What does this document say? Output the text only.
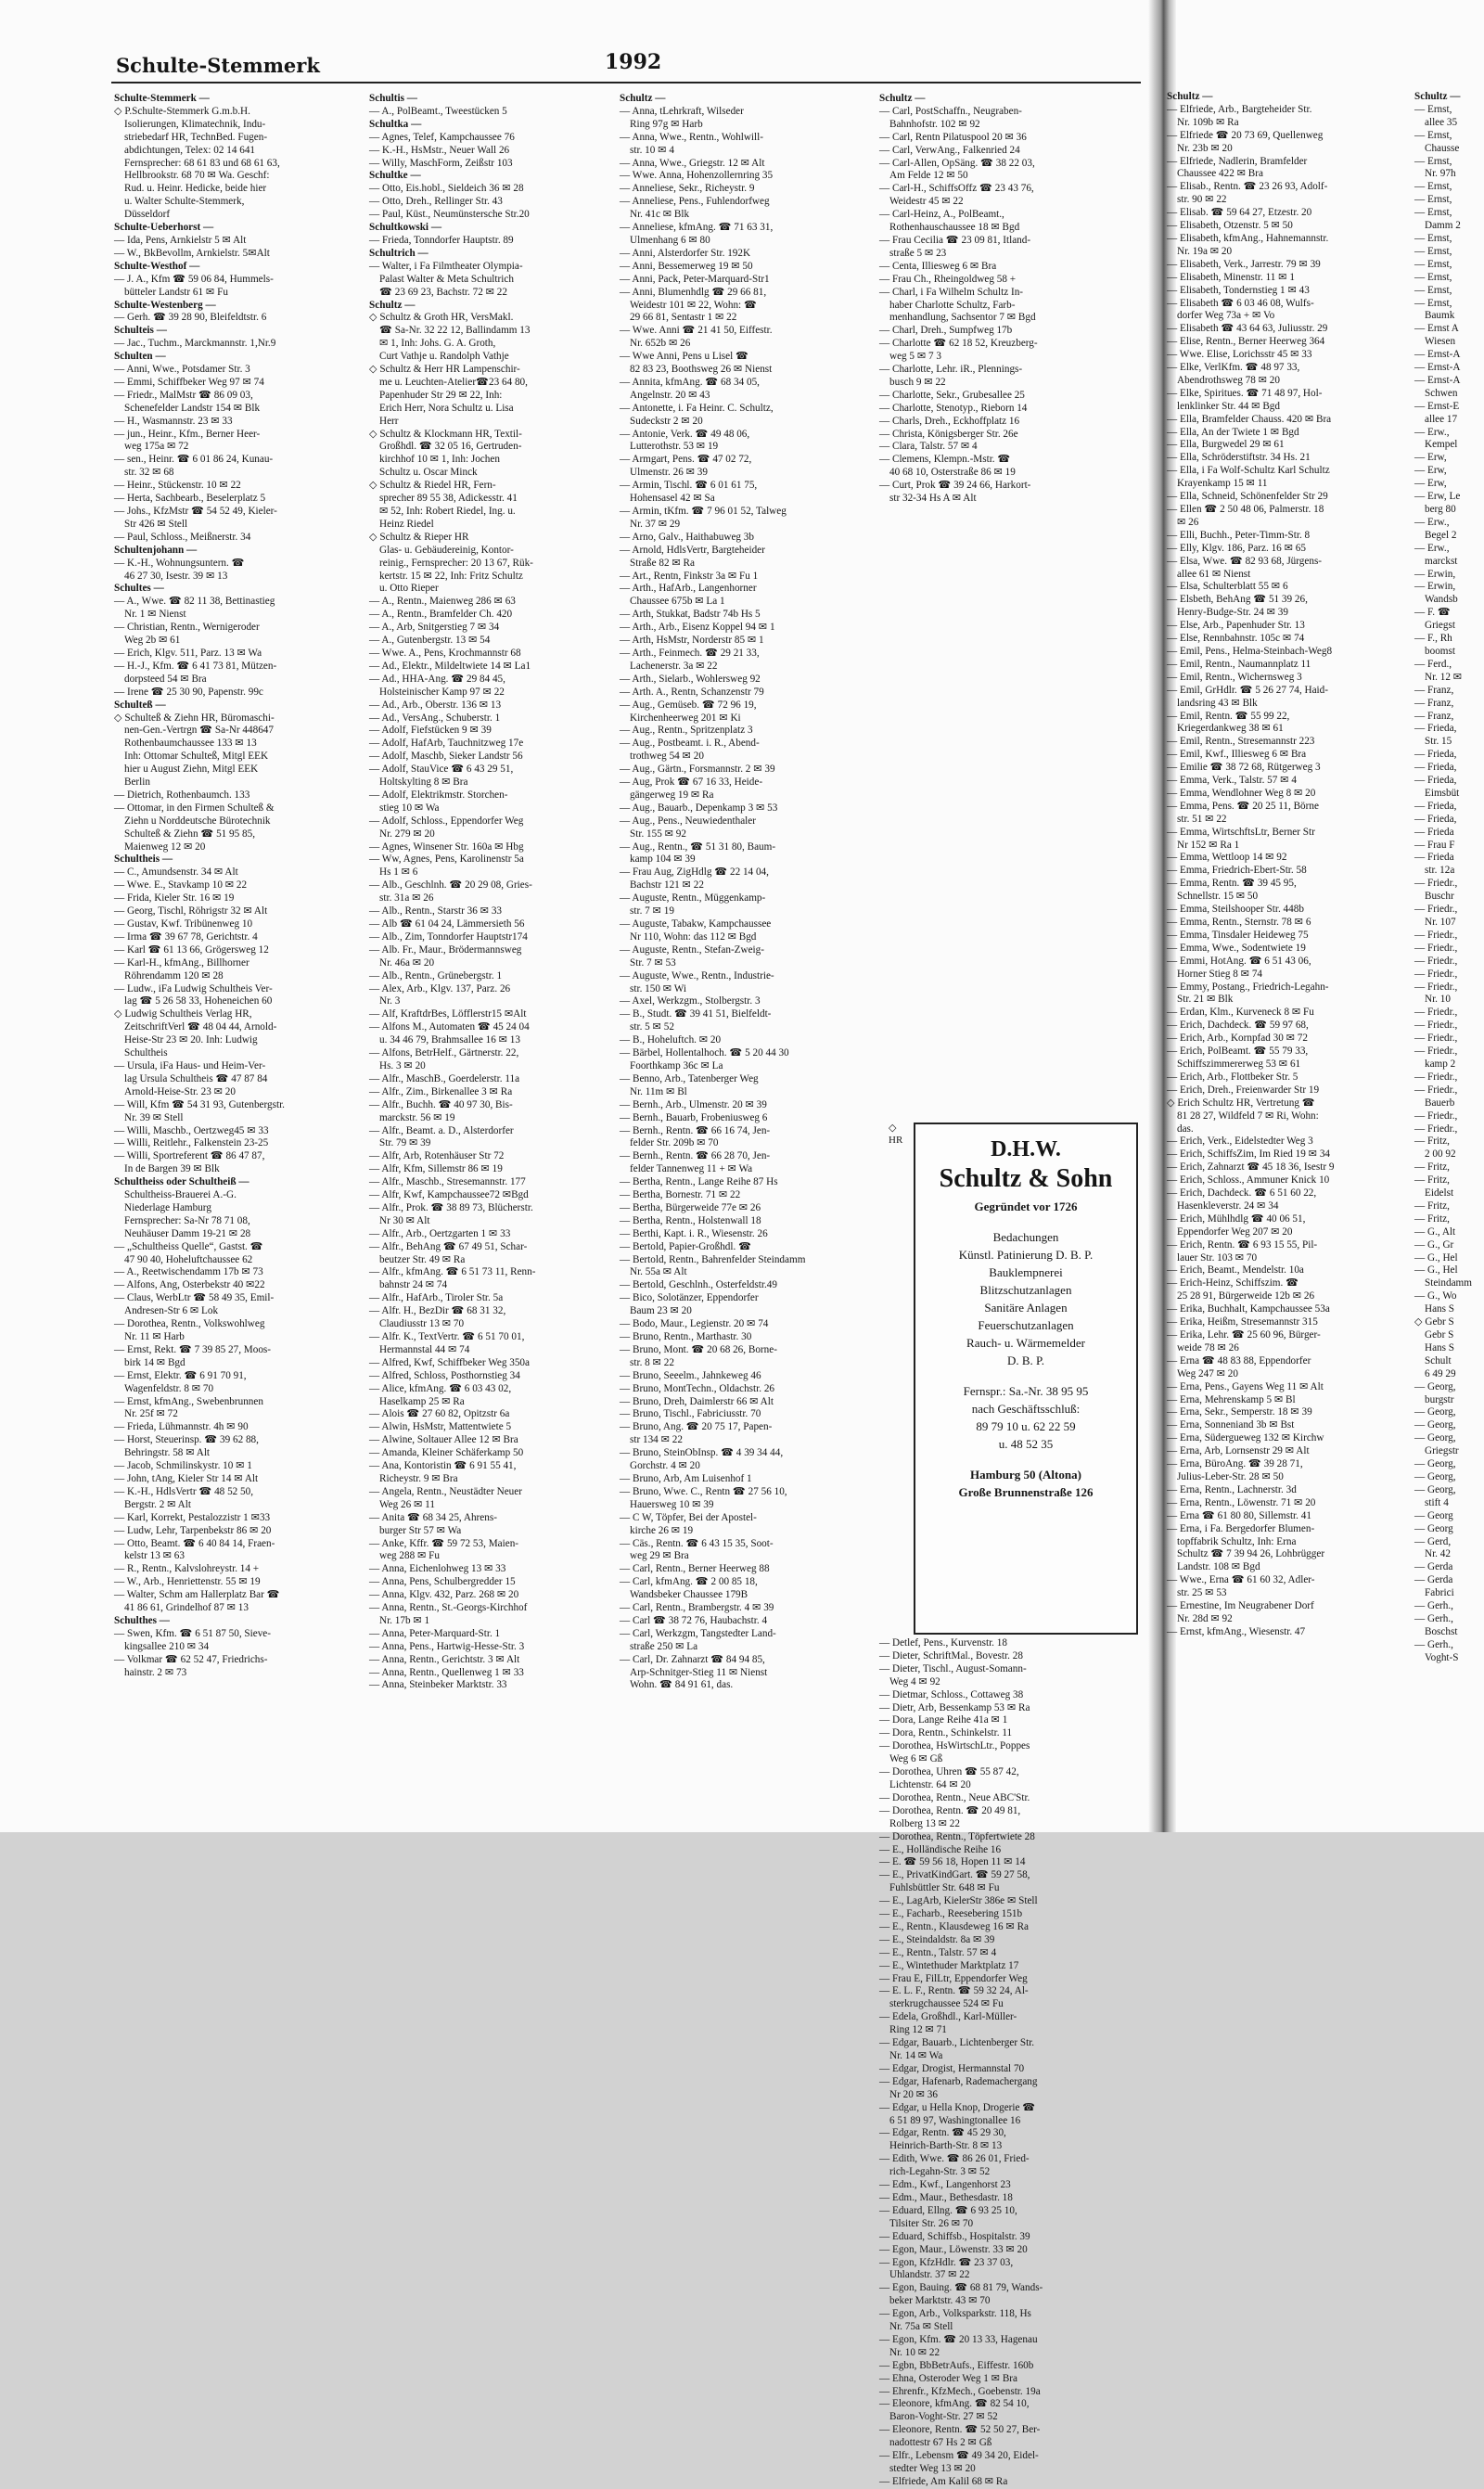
Schulte-Stemmerk	1992
Schulte-Stemmerk —
◇ P.Schulte-Stemmerk G.m.b.H.
Isolierungen, Klimatechnik, Indu-
striebedarf HR, TechnBed. Fugen-
abdichtungen, Telex: 02 14 641
Fernsprecher: 68 61 83 und 68 61 63,
Hellbrookstr. 68 70 ✉ Wa. Geschf:
Rud. u. Heinr. Hedicke, beide hier
u. Walter Schulte-Stemmerk,
Düsseldorf
Schulte-Ueberhorst —
— Ida, Pens, Arnkielstr 5 ✉ Alt
— W., BkBevollm, Arnkielstr. 5✉Alt
Schulte-Westhof —
— J. A., Kfm ☎ 59 06 84, Hummels-
bütteler Landstr 61 ✉ Fu
Schulte-Westenberg —
— Gerh. ☎ 39 28 90, Bleifeldtstr. 6
Schulteis —
— Jac., Tuchm., Marckmannstr. 1,Nr.9
Schulten —
— Anni, Wwe., Potsdamer Str. 3
— Emmi, Schiffbeker Weg 97 ✉ 74
— Friedr., MalMstr ☎ 86 09 03,
Schenefelder Landstr 154 ✉ Blk
— H., Wasmannstr. 23 ✉ 33
— jun., Heinr., Kfm., Berner Heer-
weg 175a ✉ 72
— sen., Heinr. ☎ 6 01 86 24, Kunau-
str. 32 ✉ 68
— Heinr., Stückenstr. 10 ✉ 22
— Herta, Sachbearb., Beselerplatz 5
— Johs., KfzMstr ☎ 54 52 49, Kieler-
Str 426 ✉ Stell
— Paul, Schloss., Meißnerstr. 34
Schultenjohann —
— K.-H., Wohnungsuntern. ☎
46 27 30, Isestr. 39 ✉ 13
Schultes —
— A., Wwe. ☎ 82 11 38, Bettinastieg
Nr. 1 ✉ Nienst
— Christian, Rentn., Wernigeroder
Weg 2b ✉ 61
— Erich, Klgv. 511, Parz. 13 ✉ Wa
— H.-J., Kfm. ☎ 6 41 73 81, Mützen-
dorpsteed 54 ✉ Bra
— Irene ☎ 25 30 90, Papenstr. 99c
Schulteß —
◇ Schulteß & Ziehn HR, Büromaschi-
nen-Gen.-Vertrgn ☎ Sa-Nr 448647
Rothenbaumchaussee 133 ✉ 13
Inh: Ottomar Schulteß, Mitgl EEK
hier u August Ziehn, Mitgl EEK
Berlin
— Dietrich, Rothenbaumch. 133
— Ottomar, in den Firmen Schulteß &
Ziehn u Norddeutsche Bürotechnik
Schulteß & Ziehn ☎ 51 95 85,
Maienweg 12 ✉ 20
Schultheis —
— C., Amundsenstr. 34 ✉ Alt
— Wwe. E., Stavkamp 10 ✉ 22
— Frida, Kieler Str. 16 ✉ 19
— Georg, Tischl, Röhrigstr 32 ✉ Alt
— Gustav, Kwf. Tribünenweg 10
— Irma ☎ 39 67 78, Gerichtstr. 4
— Karl ☎ 61 13 66, Grögersweg 12
— Karl-H., kfmAng., Billhorner
Röhrendamm 120 ✉ 28
— Ludw., iFa Ludwig Schultheis Ver-
lag ☎ 5 26 58 33, Hoheneichen 60
◇ Ludwig Schultheis Verlag HR,
ZeitschriftVerl ☎ 48 04 44, Arnold-
Heise-Str 23 ✉ 20. Inh: Ludwig
Schultheis
— Ursula, iFa Haus- und Heim-Ver-
lag Ursula Schultheis ☎ 47 87 84
Arnold-Heise-Str. 23 ✉ 20
— Will, Kfm ☎ 54 31 93, Gutenbergstr.
Nr. 39 ✉ Stell
— Willi, Maschb., Oertzweg45 ✉ 33
— Willi, Reitlehr., Falkenstein 23-25
— Willi, Sportreferent ☎ 86 47 87,
In de Bargen 39 ✉ Blk
Schultheiss oder Schultheiß —
Schultheiss-Brauerei A.-G.
Niederlage Hamburg
Fernsprecher: Sa-Nr 78 71 08,
Neuhäuser Damm 19-21 ✉ 28
— „Schultheiss Quelle“, Gastst. ☎
47 90 40, Hoheluftchaussee 62
— A., Reetwischendamm 17b ✉ 73
— Alfons, Ang, Osterbekstr 40 ✉22
— Claus, WerbLtr ☎ 58 49 35, Emil-
Andresen-Str 6 ✉ Lok
— Dorothea, Rentn., Volkswohlweg
Nr. 11 ✉ Harb
— Ernst, Rekt. ☎ 7 39 85 27, Moos-
birk 14 ✉ Bgd
— Ernst, Elektr. ☎ 6 91 70 91,
Wagenfeldstr. 8 ✉ 70
— Ernst, kfmAng., Swebenbrunnen
Nr. 25f ✉ 72
— Frieda, Lühmannstr. 4h ✉ 90
— Horst, Steuerinsp. ☎ 39 62 88,
Behringstr. 58 ✉ Alt
— Jacob, Schmilinskystr. 10 ✉ 1
— John, tAng, Kieler Str 14 ✉ Alt
— K.-H., HdlsVertr ☎ 48 52 50,
Bergstr. 2 ✉ Alt
— Karl, Korrekt, Pestalozzistr 1 ✉33
— Ludw, Lehr, Tarpenbekstr 86 ✉ 20
— Otto, Beamt. ☎ 6 40 84 14, Fraen-
kelstr 13 ✉ 63
— R., Rentn., Kalvslohreystr. 14 +
— W., Arb., Henriettenstr. 55 ✉ 19
— Walter, Schm am Hallerplatz Bar ☎
41 86 61, Grindelhof 87 ✉ 13
Schulthes —
— Swen, Kfm. ☎ 6 51 87 50, Sieve-
kingsallee 210 ✉ 34
— Volkmar ☎ 62 52 47, Friedrichs-
hainstr. 2 ✉ 73
Schultis —
— A., PolBeamt., Tweestücken 5
Schultka —
— Agnes, Telef, Kampchaussee 76
— K.-H., HsMstr., Neuer Wall 26
— Willy, MaschForm, Zeißstr 103
Schultke —
— Otto, Eis.hobl., Sieldeich 36 ✉ 28
— Otto, Dreh., Rellinger Str. 43
— Paul, Küst., Neumünstersche Str.20
Schultkowski —
— Frieda, Tonndorfer Hauptstr. 89
Schultrich —
— Walter, i Fa Filmtheater Olympia-
Palast Walter & Meta Schultrich
☎ 23 69 23, Bachstr. 72 ✉ 22
Schultz —
◇ Schultz & Groth HR, VersMakl.
☎ Sa-Nr. 32 22 12, Ballindamm 13
✉ 1, Inh: Johs. G. A. Groth,
Curt Vathje u. Randolph Vathje
◇ Schultz & Herr HR Lampenschir-
me u. Leuchten-Atelier☎23 64 80,
Papenhuder Str 29 ✉ 22, Inh:
Erich Herr, Nora Schultz u. Lisa
Herr
◇ Schultz & Klockmann HR, Textil-
Großhdl. ☎ 32 05 16, Gertruden-
kirchhof 10 ✉ 1, Inh: Jochen
Schultz u. Oscar Minck
◇ Schultz & Riedel HR, Fern-
sprecher 89 55 38, Adickesstr. 41
✉ 52, Inh: Robert Riedel, Ing. u.
Heinz Riedel
◇ Schultz & Rieper HR
Glas- u. Gebäudereinig, Kontor-
reinig., Fernsprecher: 20 13 67, Rük-
kertstr. 15 ✉ 22, Inh: Fritz Schultz
u. Otto Rieper
— A., Rentn., Maienweg 286 ✉ 63
— A., Rentn., Bramfelder Ch. 420
— A., Arb, Snitgerstieg 7 ✉ 34
— A., Gutenbergstr. 13 ✉ 54
— Wwe. A., Pens, Krochmannstr 68
— Ad., Elektr., Mildeltwiete 14 ✉ La1
— Ad., HHA-Ang. ☎ 29 84 45,
Holsteinischer Kamp 97 ✉ 22
— Ad., Arb., Oberstr. 136 ✉ 13
— Ad., VersAng., Schuberstr. 1
— Adolf, Fiefstücken 9 ✉ 39
— Adolf, HafArb, Tauchnitzweg 17e
— Adolf, Maschb, Sieker Landstr 56
— Adolf, StauVice ☎ 6 43 29 51,
Holtskylting 8 ✉ Bra
— Adolf, Elektrikmstr. Storchen-
stieg 10 ✉ Wa
— Adolf, Schloss., Eppendorfer Weg
Nr. 279 ✉ 20
— Agnes, Winsener Str. 160a ✉ Hbg
— Ww, Agnes, Pens, Karolinenstr 5a
Hs 1 ✉ 6
— Alb., Geschlnh. ☎ 20 29 08, Gries-
str. 31a ✉ 26
— Alb., Rentn., Starstr 36 ✉ 33
— Alb ☎ 61 04 24, Lämmersieth 56
— Alb., Zim, Tonndorfer Hauptstr174
— Alb. Fr., Maur., Brödermannsweg
Nr. 46a ✉ 20
— Alb., Rentn., Grünebergstr. 1
— Alex, Arb., Klgv. 137, Parz. 26
Nr. 3
— Alf, KraftdrBes, Löfflerstr15 ✉Alt
— Alfons M., Automaten ☎ 45 24 04
u. 34 46 79, Brahmsallee 16 ✉ 13
— Alfons, BetrHelf., Gärtnerstr. 22,
Hs. 3 ✉ 20
— Alfr., MaschB., Goerdelerstr. 11a
— Alfr., Zim., Birkenallee 3 ✉ Ra
— Alfr., Buchh. ☎ 40 97 30, Bis-
marckstr. 56 ✉ 19
— Alfr., Beamt. a. D., Alsterdorfer
Str. 79 ✉ 39
— Alfr, Arb, Rotenhäuser Str 72
— Alfr, Kfm, Sillemstr 86 ✉ 19
— Alfr., Maschb., Stresemannstr. 177
— Alfr, Kwf, Kampchaussee72 ✉Bgd
— Alfr., Prok. ☎ 38 89 73, Blücherstr.
Nr 30 ✉ Alt
— Alfr., Arb., Oertzgarten 1 ✉ 33
— Alfr., BehAng ☎ 67 49 51, Schar-
beutzer Str. 49 ✉ Ra
— Alfr., kfmAng. ☎ 6 51 73 11, Renn-
bahnstr 24 ✉ 74
— Alfr., HafArb., Tiroler Str. 5a
— Alfr. H., BezDir ☎ 68 31 32,
Claudiusstr 13 ✉ 70
— Alfr. K., TextVertr. ☎ 6 51 70 01,
Hermannstal 44 ✉ 74
— Alfred, Kwf, Schiffbeker Weg 350a
— Alfred, Schloss, Posthornstieg 34
— Alice, kfmAng. ☎ 6 03 43 02,
Haselkamp 25 ✉ Ra
— Alois ☎ 27 60 82, Opitzstr 6a
— Alwin, HsMstr, Mattentwiete 5
— Alwine, Soltauer Allee 12 ✉ Bra
— Amanda, Kleiner Schäferkamp 50
— Ana, Kontoristin ☎ 6 91 55 41,
Richeystr. 9 ✉ Bra
— Angela, Rentn., Neustädter Neuer
Weg 26 ✉ 11
— Anita ☎ 68 34 25, Ahrens-
burger Str 57 ✉ Wa
— Anke, Kffr. ☎ 59 72 53, Maien-
weg 288 ✉ Fu
— Anna, Eichenlohweg 13 ✉ 33
— Anna, Pens, Schulbergredder 15
— Anna, Klgv. 432, Parz. 268 ✉ 20
— Anna, Rentn., St.-Georgs-Kirchhof
Nr. 17b ✉ 1
— Anna, Peter-Marquard-Str. 1
— Anna, Pens., Hartwig-Hesse-Str. 3
— Anna, Rentn., Gerichtstr. 3 ✉ Alt
— Anna, Rentn., Quellenweg 1 ✉ 33
— Anna, Steinbeker Marktstr. 33
Schultz —
— Anna, tLehrkraft, Wilseder
Ring 97g ✉ Harb
— Anna, Wwe., Rentn., Wohlwill-
str. 10 ✉ 4
— Anna, Wwe., Griegstr. 12 ✉ Alt
— Wwe. Anna, Hohenzollernring 35
— Anneliese, Sekr., Richeystr. 9
— Anneliese, Pens., Fuhlendorfweg
Nr. 41c ✉ Blk
— Anneliese, kfmAng. ☎ 71 63 31,
Ulmenhang 6 ✉ 80
— Anni, Alsterdorfer Str. 192K
— Anni, Bessemerweg 19 ✉ 50
— Anni, Pack, Peter-Marquard-Str1
— Anni, Blumenhdlg ☎ 29 66 81,
Weidestr 101 ✉ 22, Wohn: ☎
29 66 81, Sentastr 1 ✉ 22
— Wwe. Anni ☎ 21 41 50, Eiffestr.
Nr. 652b ✉ 26
— Wwe Anni, Pens u Lisel ☎
82 83 23, Boothsweg 26 ✉ Nienst
— Annita, kfmAng. ☎ 68 34 05,
Angelnstr. 20 ✉ 43
— Antonette, i. Fa Heinr. C. Schultz,
Sudeckstr 2 ✉ 20
— Antonie, Verk. ☎ 49 48 06,
Lutterothstr. 53 ✉ 19
— Armgart, Pens. ☎ 47 02 72,
Ulmenstr. 26 ✉ 39
— Armin, Tischl. ☎ 6 01 61 75,
Hohensasel 42 ✉ Sa
— Armin, tKfm. ☎ 7 96 01 52, Talweg
Nr. 37 ✉ 29
— Arno, Galv., Haithabuweg 3b
— Arnold, HdlsVertr, Bargteheider
Straße 82 ✉ Ra
— Art., Rentn, Finkstr 3a ✉ Fu 1
— Arth., HafArb., Langenhorner
Chaussee 675b ✉ La 1
— Arth, Stukkat, Badstr 74b Hs 5
— Arth., Arb., Eisenz Koppel 94 ✉ 1
— Arth, HsMstr, Norderstr 85 ✉ 1
— Arth., Feinmech. ☎ 29 21 33,
Lachenerstr. 3a ✉ 22
— Arth., Sielarb., Wohlersweg 92
— Arth. A., Rentn, Schanzenstr 79
— Aug., Gemüseb. ☎ 72 96 19,
Kirchenheerweg 201 ✉ Ki
— Aug., Rentn., Spritzenplatz 3
— Aug., Postbeamt. i. R., Abend-
trothweg 54 ✉ 20
— Aug., Gärtn., Forsmannstr. 2 ✉ 39
— Aug, Prok ☎ 67 16 33, Heide-
gängerweg 19 ✉ Ra
— Aug., Bauarb., Depenkamp 3 ✉ 53
— Aug., Pens., Neuwiedenthaler
Str. 155 ✉ 92
— Aug., Rentn., ☎ 51 31 80, Baum-
kamp 104 ✉ 39
— Frau Aug, ZigHdlg ☎ 22 14 04,
Bachstr 121 ✉ 22
— Auguste, Rentn., Müggenkamp-
str. 7 ✉ 19
— Auguste, Tabakw, Kampchaussee
Nr 110, Wohn: das 112 ✉ Bgd
— Auguste, Rentn., Stefan-Zweig-
Str. 7 ✉ 53
— Auguste, Wwe., Rentn., Industrie-
str. 150 ✉ Wi
— Axel, Werkzgm., Stolbergstr. 3
— B., Studt. ☎ 39 41 51, Bielfeldt-
str. 5 ✉ 52
— B., Hoheluftch. ✉ 20
— Bärbel, Hollentalhoch. ☎ 5 20 44 30
Foorthkamp 36c ✉ La
— Benno, Arb., Tatenberger Weg
Nr. 11m ✉ Bl
— Bernh., Arb., Ulmenstr. 20 ✉ 39
— Bernh., Bauarb, Frobeniusweg 6
— Bernh., Rentn. ☎ 66 16 74, Jen-
felder Str. 209b ✉ 70
— Bernh., Rentn. ☎ 66 28 70, Jen-
felder Tannenweg 11 + ✉ Wa
— Bertha, Rentn., Lange Reihe 87 Hs
— Bertha, Bornestr. 71 ✉ 22
— Bertha, Bürgerweide 77e ✉ 26
— Bertha, Rentn., Holstenwall 18
— Berthi, Kapt. i. R., Wiesenstr. 26
— Bertold, Papier-Großhdl. ☎
— Bertold, Rentn., Bahrenfelder Steindamm
Nr. 55a ✉ Alt
— Bertold, Geschlnh., Osterfeldstr.49
— Bico, Solotänzer, Eppendorfer
Baum 23 ✉ 20
— Bodo, Maur., Legienstr. 20 ✉ 74
— Bruno, Rentn., Marthastr. 30
— Bruno, Mont. ☎ 20 68 26, Borne-
str. 8 ✉ 22
— Bruno, Seeelm., Jahnkeweg 46
— Bruno, MontTechn., Oldachstr. 26
— Bruno, Dreh, Daimlerstr 66 ✉ Alt
— Bruno, Tischl., Fabriciusstr. 70
— Bruno, Ang. ☎ 20 75 17, Papen-
str 134 ✉ 22
— Bruno, SteinObInsp. ☎ 4 39 34 44,
Gorchstr. 4 ✉ 20
— Bruno, Arb, Am Luisenhof 1
— Bruno, Wwe. C., Rentn ☎ 27 56 10,
Hauersweg 10 ✉ 39
— C W, Töpfer, Bei der Apostel-
kirche 26 ✉ 19
— Cäs., Rentn. ☎ 6 43 15 35, Soot-
weg 29 ✉ Bra
— Carl, Rentn., Berner Heerweg 88
— Carl, kfmAng. ☎ 2 00 85 18,
Wandsbeker Chaussee 179B
— Carl, Rentn., Brambergstr. 4 ✉ 39
— Carl ☎ 38 72 76, Haubachstr. 4
— Carl, Werkzgm, Tangstedter Land-
straße 250 ✉ La
— Carl, Dr. Zahnarzt ☎ 84 94 85,
Arp-Schnitger-Stieg 11 ✉ Nienst
Wohn. ☎ 84 91 61, das.
Schultz —
— Carl, PostSchaffn., Neugraben-
Bahnhofstr. 102 ✉ 92
— Carl, Rentn Pilatuspool 20 ✉ 36
— Carl, VerwAng., Falkenried 24
— Carl-Allen, OpSäng. ☎ 38 22 03,
Am Felde 12 ✉ 50
— Carl-H., SchiffsOffz ☎ 23 43 76,
Weidestr 45 ✉ 22
— Carl-Heinz, A., PolBeamt.,
Rothenhauschaussee 18 ✉ Bgd
— Frau Cecilia ☎ 23 09 81, Itland-
straße 5 ✉ 23
— Centa, Illiesweg 6 ✉ Bra
— Frau Ch., Rheingoldweg 58 +
— Charl, i Fa Wilhelm Schultz In-
haber Charlotte Schultz, Farb-
menhandlung, Sachsentor 7 ✉ Bgd
— Charl, Dreh., Sumpfweg 17b
— Charlotte ☎ 62 18 52, Kreuzberg-
weg 5 ✉ 7 3
— Charlotte, Lehr. iR., Plennings-
busch 9 ✉ 22
— Charlotte, Sekr., Grubesallee 25
— Charlotte, Stenotyp., Rieborn 14
— Charls, Dreh., Eckhoffplatz 16
— Christa, Königsberger Str. 26e
— Clara, Talstr. 57 ✉ 4
— Clemens, Klempn.-Mstr. ☎
40 68 10, Osterstraße 86 ✉ 19
— Curt, Prok ☎ 39 24 66, Harkort-
str 32-34 Hs A ✉ Alt
◇
HR	D.H.W.
Schultz & Sohn
Gegründet vor 1726
Bedachungen
Künstl. Patinierung D. B. P.
Bauklempnerei
Blitzschutzanlagen
Sanitäre Anlagen
Feuerschutzanlagen
Rauch- u. Wärmemelder
D. B. P.
Fernspr.: Sa.-Nr. 38 95 95
nach Geschäftsschluß:
89 79 10 u. 62 22 59
u. 48 52 35
Hamburg 50 (Altona)
Große Brunnenstraße 126
— Detlef, Pens., Kurvenstr. 18
— Dieter, SchriftMal., Bovestr. 28
— Dieter, Tischl., August-Somann-
Weg 4 ✉ 92
— Dietmar, Schloss., Cottaweg 38
— Dietr, Arb, Bessenkamp 53 ✉ Ra
— Dora, Lange Reihe 41a ✉ 1
— Dora, Rentn., Schinkelstr. 11
— Dorothea, HsWirtschLtr., Poppes
Weg 6 ✉ Gß
— Dorothea, Uhren ☎ 55 87 42,
Lichtenstr. 64 ✉ 20
— Dorothea, Rentn., Neue ABC'Str.
— Dorothea, Rentn. ☎ 20 49 81,
Rolberg 13 ✉ 22
— Dorothea, Rentn., Töpfertwiete 28
— E., Holländische Reihe 16
— E. ☎ 59 56 18, Hopen 11 ✉ 14
— E., PrivatKindGart. ☎ 59 27 58,
Fuhlsbüttler Str. 648 ✉ Fu
— E., LagArb, KielerStr 386e ✉ Stell
— E., Facharb., Reesebering 151b
— E., Rentn., Klausdeweg 16 ✉ Ra
— E., Steindaldstr. 8a ✉ 39
— E., Rentn., Talstr. 57 ✉ 4
— E., Wintethuder Marktplatz 17
— Frau E, FilLtr, Eppendorfer Weg
— E. L. F., Rentn. ☎ 59 32 24, Al-
sterkrugchaussee 524 ✉ Fu
— Edela, Großhdl., Karl-Müller-
Ring 12 ✉ 71
— Edgar, Bauarb., Lichtenberger Str.
Nr. 14 ✉ Wa
— Edgar, Drogist, Hermannstal 70
— Edgar, Hafenarb, Rademachergang
Nr 20 ✉ 36
— Edgar, u Hella Knop, Drogerie ☎
6 51 89 97, Washingtonallee 16
— Edgar, Rentn. ☎ 45 29 30,
Heinrich-Barth-Str. 8 ✉ 13
— Edith, Wwe. ☎ 86 26 01, Fried-
rich-Legahn-Str. 3 ✉ 52
— Edm., Kwf., Langenhorst 23
— Edm., Maur., Bethesdastr. 18
— Eduard, Ellng. ☎ 6 93 25 10,
Tilsiter Str. 26 ✉ 70
— Eduard, Schiffsb., Hospitalstr. 39
— Egon, Maur., Löwenstr. 33 ✉ 20
— Egon, KfzHdlr. ☎ 23 37 03,
Uhlandstr. 37 ✉ 22
— Egon, Bauing. ☎ 68 81 79, Wands-
beker Marktstr. 43 ✉ 70
— Egon, Arb., Volksparkstr. 118, Hs
Nr. 75a ✉ Stell
— Egon, Kfm. ☎ 20 13 33, Hagenau
Nr. 10 ✉ 22
— Egbn, BbBetrAufs., Eiffestr. 160b
— Ehna, Osteroder Weg 1 ✉ Bra
— Ehrenfr., KfzMech., Goebenstr. 19a
— Eleonore, kfmAng. ☎ 82 54 10,
Baron-Voght-Str. 27 ✉ 52
— Eleonore, Rentn. ☎ 52 50 27, Ber-
nadottestr 67 Hs 2 ✉ Gß
— Elfr., Lebensm ☎ 49 34 20, Eidel-
stedter Weg 13 ✉ 20
— Elfriede, Am Kalil 68 ✉ Ra
Schultz —
— Elfriede, Arb., Bargteheider Str.
Nr. 109b ✉ Ra
— Elfriede ☎ 20 73 69, Quellenweg
Nr. 23b ✉ 20
— Elfriede, Nadlerin, Bramfelder
Chaussee 422 ✉ Bra
— Elisab., Rentn. ☎ 23 26 93, Adolf-
str. 90 ✉ 22
— Elisab. ☎ 59 64 27, Etzestr. 20
— Elisabeth, Otzenstr. 5 ✉ 50
— Elisabeth, kfmAng., Hahnemannstr.
Nr. 19a ✉ 20
— Elisabeth, Verk., Jarrestr. 79 ✉ 39
— Elisabeth, Minenstr. 11 ✉ 1
— Elisabeth, Tondernstieg 1 ✉ 43
— Elisabeth ☎ 6 03 46 08, Wulfs-
dorfer Weg 73a + ✉ Vo
— Elisabeth ☎ 43 64 63, Juliusstr. 29
— Elise, Rentn., Berner Heerweg 364
— Wwe. Elise, Lorichsstr 45 ✉ 33
— Elke, VerlKfm. ☎ 48 97 33,
Abendrothsweg 78 ✉ 20
— Elke, Spiritues. ☎ 71 48 97, Hol-
lenklinker Str. 44 ✉ Bgd
— Ella, Bramfelder Chauss. 420 ✉ Bra
— Ella, An der Twiete 1 ✉ Bgd
— Ella, Burgwedel 29 ✉ 61
— Ella, Schröderstiftstr. 34 Hs. 21
— Ella, i Fa Wolf-Schultz Karl Schultz
Krayenkamp 15 ✉ 11
— Ella, Schneid, Schönenfelder Str 29
— Ellen ☎ 2 50 48 06, Palmerstr. 18
✉ 26
— Elli, Buchh., Peter-Timm-Str. 8
— Elly, Klgv. 186, Parz. 16 ✉ 65
— Elsa, Wwe. ☎ 82 93 68, Jürgens-
allee 61 ✉ Nienst
— Elsa, Schulterblatt 55 ✉ 6
— Elsbeth, BehAng ☎ 51 39 26,
Henry-Budge-Str. 24 ✉ 39
— Else, Arb., Papenhuder Str. 13
— Else, Rennbahnstr. 105c ✉ 74
— Emil, Pens., Helma-Steinbach-Weg8
— Emil, Rentn., Naumannplatz 11
— Emil, Rentn., Wichernsweg 3
— Emil, GrHdlr. ☎ 5 26 27 74, Haid-
landsring 43 ✉ Blk
— Emil, Rentn. ☎ 55 99 22,
Kriegerdankweg 38 ✉ 61
— Emil, Rentn., Stresemannstr 223
— Emil, Kwf., Illiesweg 6 ✉ Bra
— Emilie ☎ 38 72 68, Rütgerweg 3
— Emma, Verk., Talstr. 57 ✉ 4
— Emma, Wendlohner Weg 8 ✉ 20
— Emma, Pens. ☎ 20 25 11, Börne
str. 51 ✉ 22
— Emma, WirtschftsLtr, Berner Str
Nr 152 ✉ Ra 1
— Emma, Wettloop 14 ✉ 92
— Emma, Friedrich-Ebert-Str. 58
— Emma, Rentn. ☎ 39 45 95,
Schnellstr. 15 ✉ 50
— Emma, Steilshooper Str. 448b
— Emma, Rentn., Sternstr. 78 ✉ 6
— Emma, Tinsdaler Heideweg 75
— Emma, Wwe., Sodentwiete 19
— Emmi, HotAng. ☎ 6 51 43 06,
Horner Stieg 8 ✉ 74
— Emmy, Postang., Friedrich-Legahn-
Str. 21 ✉ Blk
— Erdan, Klm., Kurveneck 8 ✉ Fu
— Erich, Dachdeck. ☎ 59 97 68,
— Erich, Arb., Kornpfad 30 ✉ 72
— Erich, PolBeamt. ☎ 55 79 33,
Schiffszimmererweg 53 ✉ 61
— Erich, Arb., Flottbeker Str. 5
— Erich, Dreh., Freienwarder Str 19
◇ Erich Schultz HR, Vertretung ☎
81 28 27, Wildfeld 7 ✉ Ri, Wohn:
das.
— Erich, Verk., Eidelstedter Weg 3
— Erich, SchiffsZim, Im Ried 19 ✉ 34
— Erich, Zahnarzt ☎ 45 18 36, Isestr 9
— Erich, Schloss., Ammuner Knick 10
— Erich, Dachdeck. ☎ 6 51 60 22,
Hasenkleverstr. 24 ✉ 34
— Erich, Mühlhdlg ☎ 40 06 51,
Eppendorfer Weg 207 ✉ 20
— Erich, Rentn. ☎ 6 93 15 55, Pil-
lauer Str. 103 ✉ 70
— Erich, Beamt., Mendelstr. 10a
— Erich-Heinz, Schiffszim. ☎
25 28 91, Bürgerweide 12b ✉ 26
— Erika, Buchhalt, Kampchaussee 53a
— Erika, Heißm, Stresemannstr 315
— Erika, Lehr. ☎ 25 60 96, Bürger-
weide 78 ✉ 26
— Erna ☎ 48 83 88, Eppendorfer
Weg 247 ✉ 20
— Erna, Pens., Gayens Weg 11 ✉ Alt
— Erna, Mehrenskamp 5 ✉ Bl
— Erna, Sekr., Semperstr. 18 ✉ 39
— Erna, Sonneniand 3b ✉ Bst
— Erna, Südergueweg 132 ✉ Kirchw
— Erna, Arb, Lornsenstr 29 ✉ Alt
— Erna, BüroAng. ☎ 39 28 71,
Julius-Leber-Str. 28 ✉ 50
— Erna, Rentn., Lachnerstr. 3d
— Erna, Rentn., Löwenstr. 71 ✉ 20
— Erna ☎ 61 80 80, Sillemstr. 41
— Erna, i Fa. Bergedorfer Blumen-
topffabrik Schultz, Inh: Erna
Schultz ☎ 7 39 94 26, Lohbrügger
Landstr. 108 ✉ Bgd
— Wwe., Erna ☎ 61 60 32, Adler-
str. 25 ✉ 53
— Ernestine, Im Neugrabener Dorf
Nr. 28d ✉ 92
— Ernst, kfmAng., Wiesenstr. 47
Schultz —
— Ernst,
allee 35
— Ernst,
Chausse
— Ernst,
Nr. 97h
— Ernst,
— Ernst,
— Ernst,
Damm 2
— Ernst,
— Ernst,
— Ernst,
— Ernst,
— Ernst,
— Ernst,
Baumk
— Ernst A
Wiesen
— Ernst-A
— Ernst-A
— Ernst-A
Schwen
— Ernst-E
allee 17
— Erw.,
Kempel
— Erw,
— Erw,
— Erw,
— Erw, Le
berg 80
— Erw.,
Begel 2
— Erw.,
marckst
— Erwin,
— Erwin,
Wandsb
— F. ☎
Griegst
— F., Rh
boomst
— Ferd.,
Nr. 12 ✉
— Franz,
— Franz,
— Franz,
— Frieda,
Str. 15
— Frieda,
— Frieda,
— Frieda,
Eimsbüt
— Frieda,
— Frieda,
— Frieda
— Frau F
— Frieda
str. 12a
— Friedr.,
Buschr
— Friedr.,
Nr. 107
— Friedr.,
— Friedr.,
— Friedr.,
— Friedr.,
— Friedr.,
Nr. 10
— Friedr.,
— Friedr.,
— Friedr.,
— Friedr.,
kamp 2
— Friedr.,
— Friedr.,
Bauerb
— Friedr.,
— Friedr.,
— Fritz,
2 00 92
— Fritz,
— Fritz,
Eidelst
— Fritz,
— Fritz,
— G., Alt
— G., Gr
— G., Hel
— G., Hel
Steindamm
— G., Wo
Hans S
◇ Gebr S
Gebr S
Hans S
Schult
6 49 29
— Georg,
burgstr
— Georg,
— Georg,
— Georg,
Griegstr
— Georg,
— Georg,
— Georg,
stift 4
— Georg
— Georg
— Gerd,
Nr. 42
— Gerda
— Gerda
Fabrici
— Gerh.,
— Gerh.,
Boschst
— Gerh.,
Voght-S
